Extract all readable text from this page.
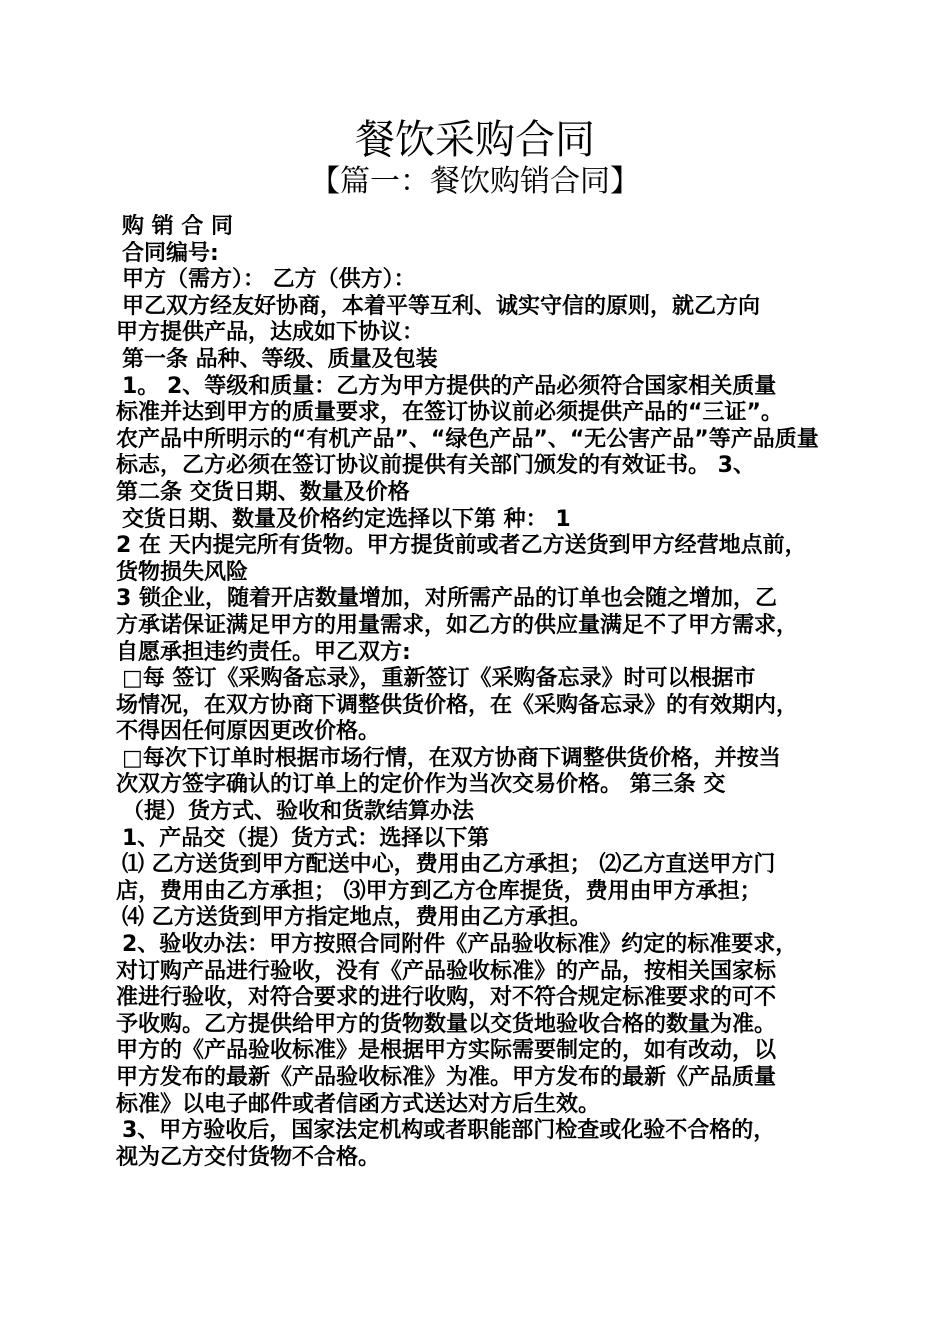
餐饮采购合同
【篇一：餐饮购销合同】
购 销 合 同
合同编号:
甲方（需方）： 乙方（供方）：
甲乙双方经友好协商，本着平等互利、诚实守信的原则，就乙方向
甲方提供产品，达成如下协议：
第一条 品种、等级、质量及包装
1。 2、等级和质量：乙方为甲方提供的产品必须符合国家相关质量
标准并达到甲方的质量要求，在签订协议前必须提供产品的“三证”。
农产品中所明示的“有机产品”、“绿色产品”、“无公害产品”等产品质量
标志，乙方必须在签订协议前提供有关部门颁发的有效证书。 3、
第二条 交货日期、数量及价格
交货日期、数量及价格约定选择以下第 种： 1
2 在 天内提完所有货物。甲方提货前或者乙方送货到甲方经营地点前，
货物损失风险
3 锁企业，随着开店数量增加，对所需产品的订单也会随之增加，乙
方承诺保证满足甲方的用量需求，如乙方的供应量满足不了甲方需求，
自愿承担违约责任。甲乙双方:
□每 签订《采购备忘录》，重新签订《采购备忘录》时可以根据市
场情况，在双方协商下调整供货价格，在《采购备忘录》的有效期内，
不得因任何原因更改价格。
□每次下订单时根据市场行情，在双方协商下调整供货价格，并按当
次双方签字确认的订单上的定价作为当次交易价格。 第三条 交
（提）货方式、验收和货款结算办法
1、产品交（提）货方式：选择以下第
⑴ 乙方送货到甲方配送中心，费用由乙方承担； ⑵乙方直送甲方门
店，费用由乙方承担； ⑶甲方到乙方仓库提货，费用由甲方承担；
⑷ 乙方送货到甲方指定地点，费用由乙方承担。
2、验收办法：甲方按照合同附件《产品验收标准》约定的标准要求，
对订购产品进行验收，没有《产品验收标准》的产品，按相关国家标
准进行验收，对符合要求的进行收购，对不符合规定标准要求的可不
予收购。乙方提供给甲方的货物数量以交货地验收合格的数量为准。
甲方的《产品验收标准》是根据甲方实际需要制定的，如有改动，以
甲方发布的最新《产品验收标准》为准。甲方发布的最新《产品质量
标准》以电子邮件或者信函方式送达对方后生效。
3、甲方验收后，国家法定机构或者职能部门检查或化验不合格的，
视为乙方交付货物不合格。
